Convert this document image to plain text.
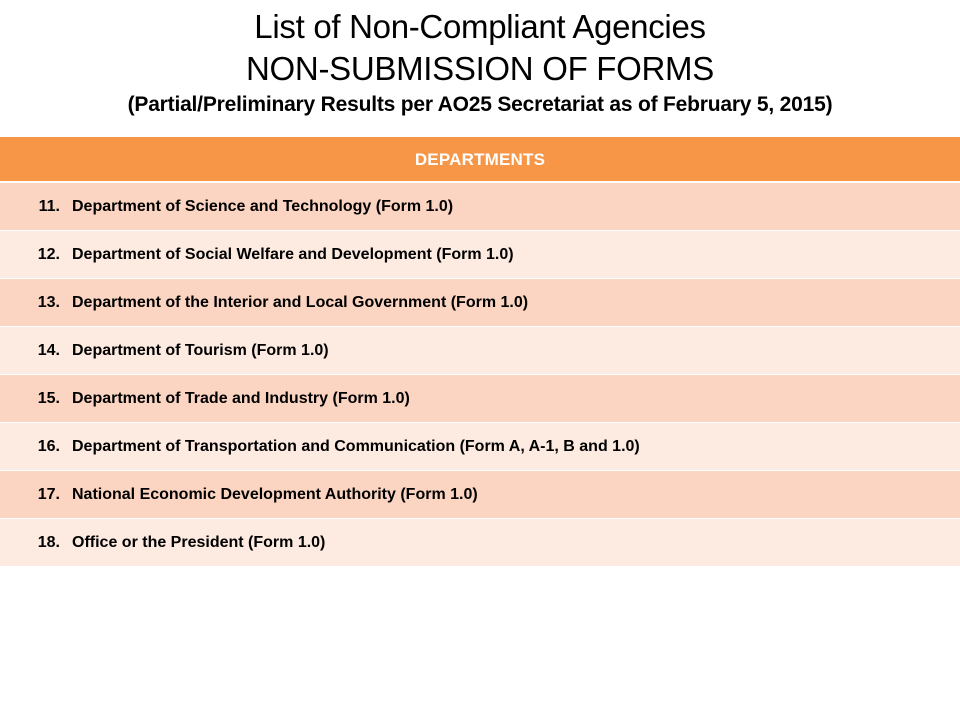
List of Non-Compliant Agencies
NON-SUBMISSION OF FORMS
(Partial/Preliminary Results per AO25 Secretariat as of February 5, 2015)
DEPARTMENTS
11. Department of Science and Technology (Form 1.0)
12. Department of Social Welfare and Development (Form 1.0)
13. Department of the Interior and Local Government (Form 1.0)
14. Department of Tourism (Form 1.0)
15. Department of Trade and Industry (Form 1.0)
16. Department of Transportation and Communication (Form A, A-1, B and 1.0)
17. National Economic Development Authority (Form 1.0)
18. Office or the President (Form 1.0)
